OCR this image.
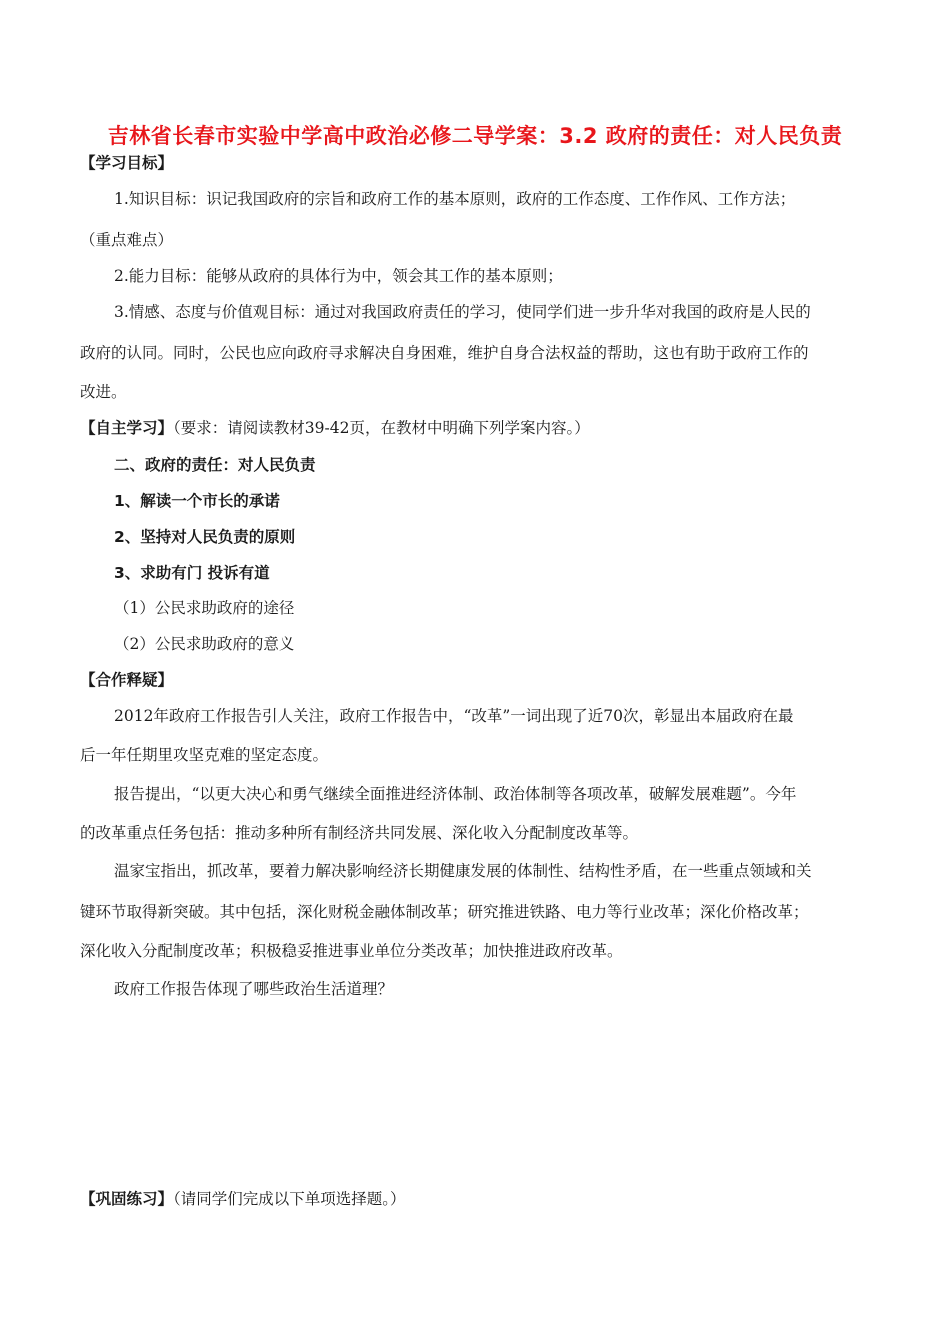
吉林省长春市实验中学高中政治必修二导学案：3.2 政府的责任：对人民负责
【学习目标】
1.知识目标：识记我国政府的宗旨和政府工作的基本原则，政府的工作态度、工作作风、工作方法；
（重点难点）
2.能力目标：能够从政府的具体行为中，领会其工作的基本原则；
3.情感、态度与价值观目标：通过对我国政府责任的学习，使同学们进一步升华对我国的政府是人民的
政府的认同。同时，公民也应向政府寻求解决自身困难，维护自身合法权益的帮助，这也有助于政府工作的
改进。
【自主学习】（要求：请阅读教材39-42页，在教材中明确下列学案内容。）
二、政府的责任：对人民负责
1、解读一个市长的承诺
2、坚持对人民负责的原则
3、求助有门 投诉有道
（1）公民求助政府的途径
（2）公民求助政府的意义
【合作释疑】
2012年政府工作报告引人关注，政府工作报告中，“改革”一词出现了近70次，彰显出本届政府在最
后一年任期里攻坚克难的坚定态度。
报告提出，“以更大决心和勇气继续全面推进经济体制、政治体制等各项改革，破解发展难题”。今年
的改革重点任务包括：推动多种所有制经济共同发展、深化收入分配制度改革等。
温家宝指出，抓改革，要着力解决影响经济长期健康发展的体制性、结构性矛盾，在一些重点领域和关
键环节取得新突破。其中包括，深化财税金融体制改革；研究推进铁路、电力等行业改革；深化价格改革；
深化收入分配制度改革；积极稳妥推进事业单位分类改革；加快推进政府改革。
政府工作报告体现了哪些政治生活道理？
【巩固练习】（请同学们完成以下单项选择题。）
